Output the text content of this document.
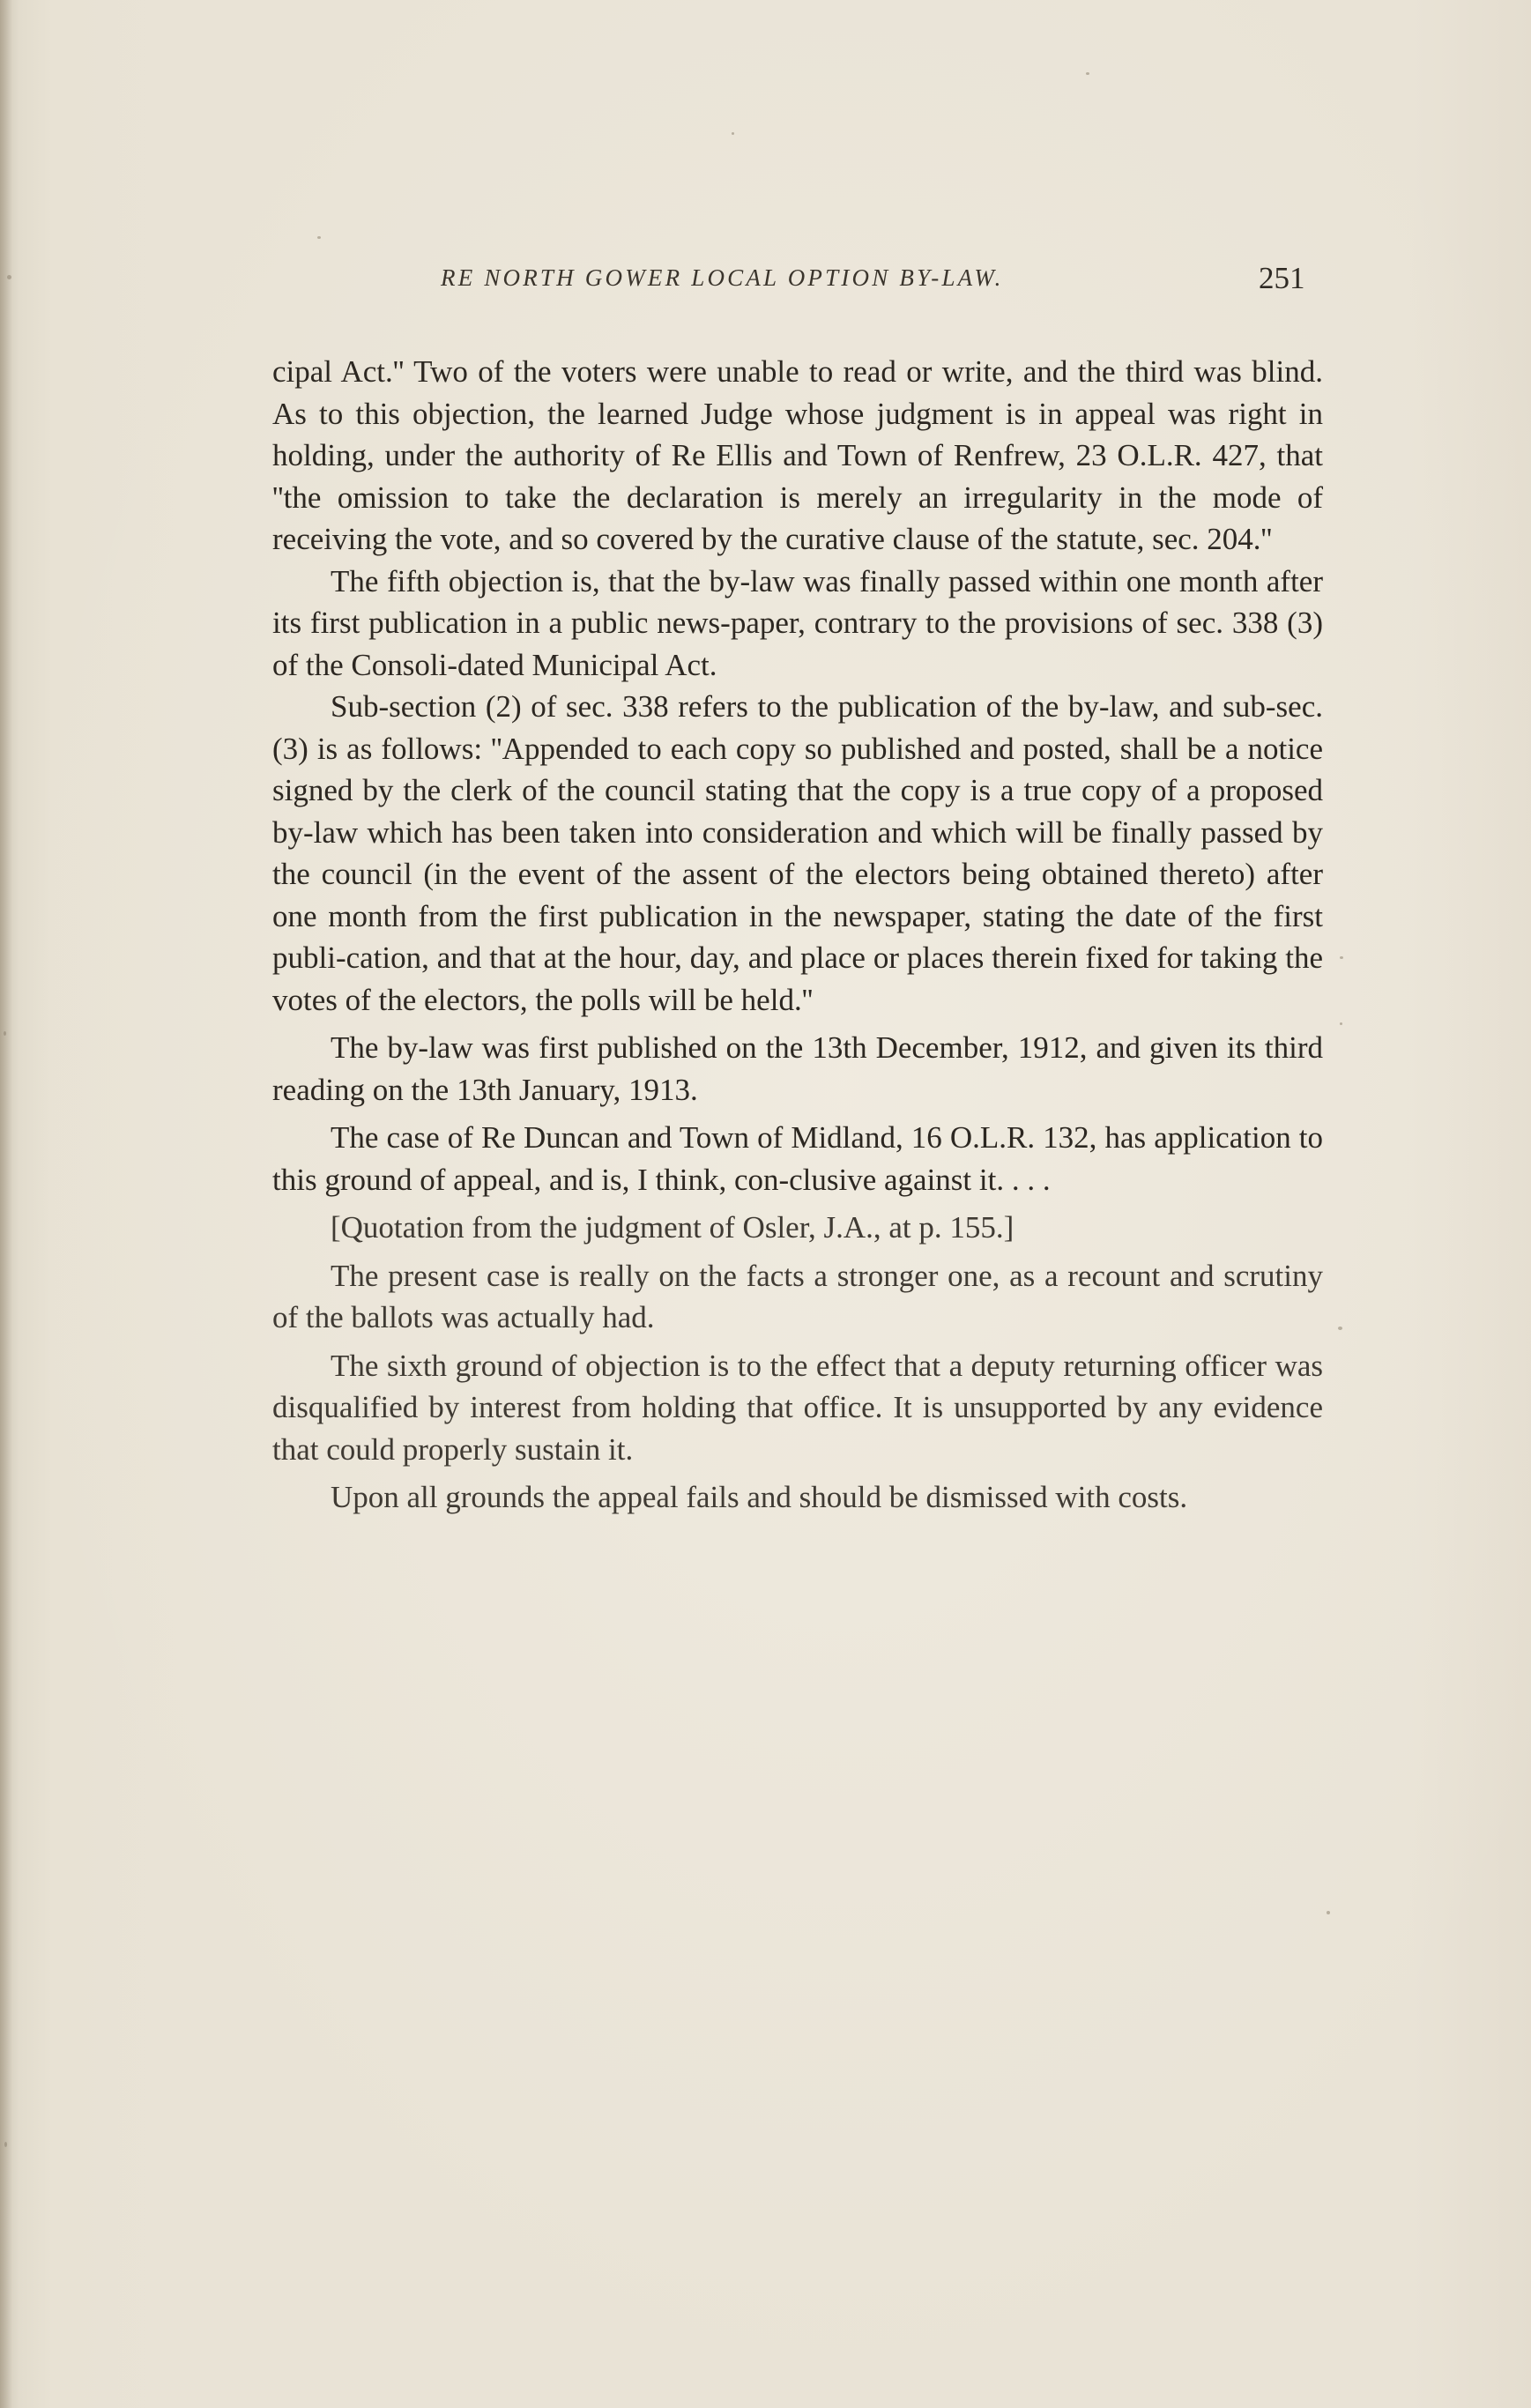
RE NORTH GOWER LOCAL OPTION BY-LAW.	251

cipal Act.'' Two of the voters were unable to read or write, and the third was blind. As to this objection, the learned Judge whose judgment is in appeal was right in holding, under the authority of Re Ellis and Town of Renfrew, 23 O.L.R. 427, that ''the omission to take the declaration is merely an irregularity in the mode of receiving the vote, and so covered by the curative clause of the statute, sec. 204.''

The fifth objection is, that the by-law was finally passed within one month after its first publication in a public news-paper, contrary to the provisions of sec. 338 (3) of the Consoli-dated Municipal Act.

Sub-section (2) of sec. 338 refers to the publication of the by-law, and sub-sec. (3) is as follows: ''Appended to each copy so published and posted, shall be a notice signed by the clerk of the council stating that the copy is a true copy of a proposed by-law which has been taken into consideration and which will be finally passed by the council (in the event of the assent of the electors being obtained thereto) after one month from the first publication in the newspaper, stating the date of the first publi-cation, and that at the hour, day, and place or places therein fixed for taking the votes of the electors, the polls will be held.''

The by-law was first published on the 13th December, 1912, and given its third reading on the 13th January, 1913.

The case of Re Duncan and Town of Midland, 16 O.L.R. 132, has application to this ground of appeal, and is, I think, con-clusive against it. . . .

[Quotation from the judgment of Osler, J.A., at p. 155.]

The present case is really on the facts a stronger one, as a recount and scrutiny of the ballots was actually had.

The sixth ground of objection is to the effect that a deputy returning officer was disqualified by interest from holding that office. It is unsupported by any evidence that could properly sustain it.

Upon all grounds the appeal fails and should be dismissed with costs.
